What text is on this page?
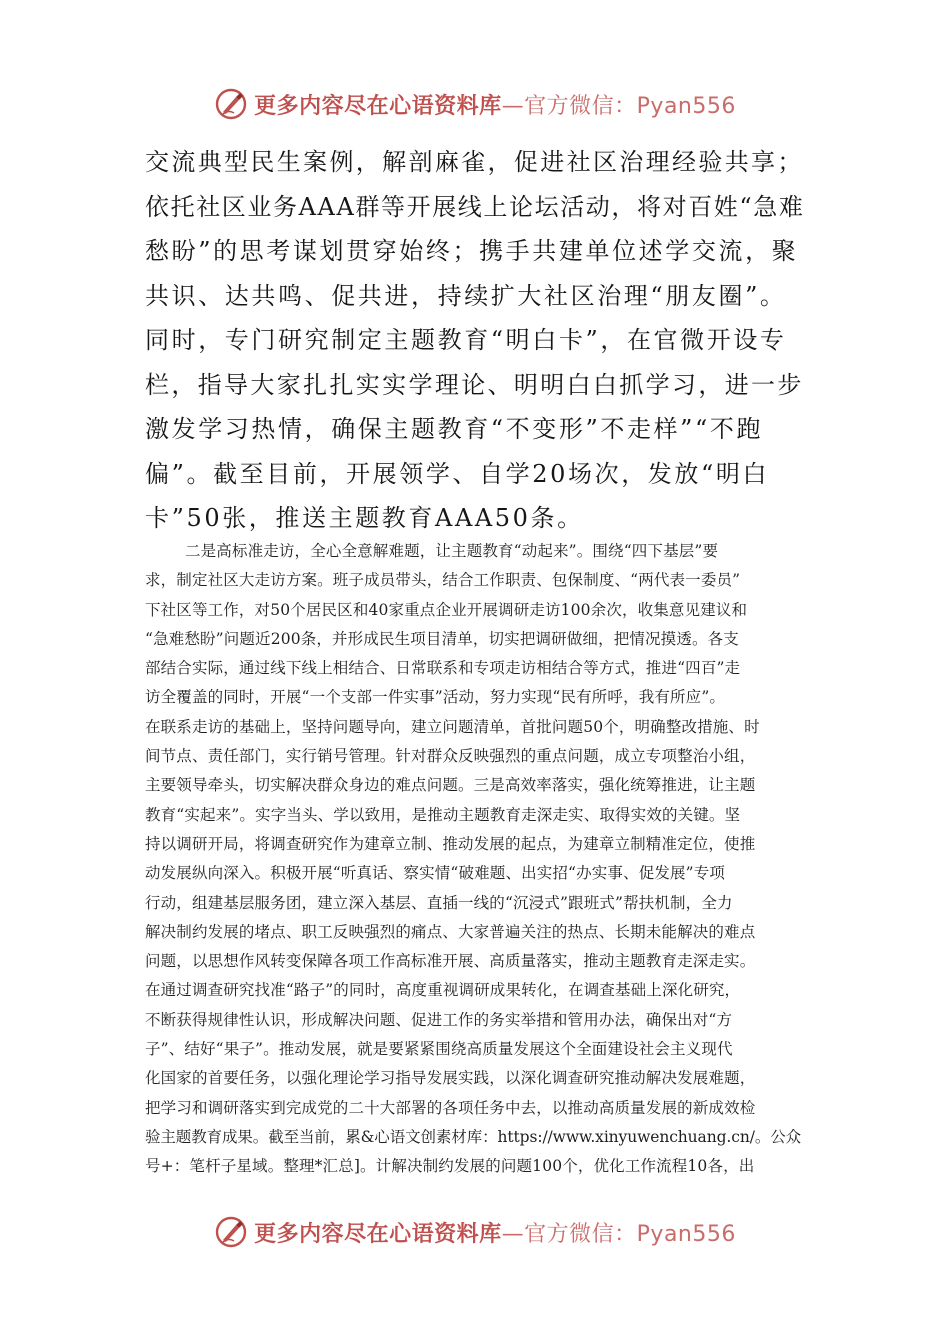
更多内容尽在心语资料库—官方微信：Pyan556
交流典型民生案例，解剖麻雀，促进社区治理经验共享；
依托社区业务AAA群等开展线上论坛活动，将对百姓“急难
愁盼”的思考谋划贯穿始终；携手共建单位述学交流，聚
共识、达共鸣、促共进，持续扩大社区治理“朋友圈”。
同时，专门研究制定主题教育“明白卡”，在官微开设专
栏，指导大家扎扎实实学理论、明明白白抓学习，进一步
激发学习热情，确保主题教育“不变形”不走样”“不跑
偏”。截至目前，开展领学、自学20场次，发放“明白
卡”50张，推送主题教育AAA50条。
二是高标准走访，全心全意解难题，让主题教育“动起来”。围绕“四下基层”要
求，制定社区大走访方案。班子成员带头，结合工作职责、包保制度、“两代表一委员”
下社区等工作，对50个居民区和40家重点企业开展调研走访100余次，收集意见建议和
“急难愁盼”问题近200条，并形成民生项目清单，切实把调研做细，把情况摸透。各支
部结合实际，通过线下线上相结合、日常联系和专项走访相结合等方式，推进“四百”走
访全覆盖的同时，开展“一个支部一件实事”活动，努力实现“民有所呼，我有所应”。
在联系走访的基础上，坚持问题导向，建立问题清单，首批问题50个，明确整改措施、时
间节点、责任部门，实行销号管理。针对群众反映强烈的重点问题，成立专项整治小组，
主要领导牵头，切实解决群众身边的难点问题。三是高效率落实，强化统筹推进，让主题
教育“实起来”。实字当头、学以致用，是推动主题教育走深走实、取得实效的关键。坚
持以调研开局，将调查研究作为建章立制、推动发展的起点，为建章立制精准定位，使推
动发展纵向深入。积极开展“听真话、察实情“破难题、出实招“办实事、促发展”专项
行动，组建基层服务团，建立深入基层、直插一线的“沉浸式”跟班式”帮扶机制，全力
解决制约发展的堵点、职工反映强烈的痛点、大家普遍关注的热点、长期未能解决的难点
问题，以思想作风转变保障各项工作高标准开展、高质量落实，推动主题教育走深走实。
在通过调查研究找准“路子”的同时，高度重视调研成果转化，在调查基础上深化研究，
不断获得规律性认识，形成解决问题、促进工作的务实举措和管用办法，确保出对“方
子”、结好“果子”。推动发展，就是要紧紧围绕高质量发展这个全面建设社会主义现代
化国家的首要任务，以强化理论学习指导发展实践，以深化调查研究推动解决发展难题，
把学习和调研落实到完成党的二十大部署的各项任务中去，以推动高质量发展的新成效检
验主题教育成果。截至当前，累&心语文创素材库：https://www.xinyuwenchuang.cn/。公众
号+：笔杆子星域。整理*汇总]。计解决制约发展的问题100个，优化工作流程10各，出
更多内容尽在心语资料库—官方微信：Pyan556
